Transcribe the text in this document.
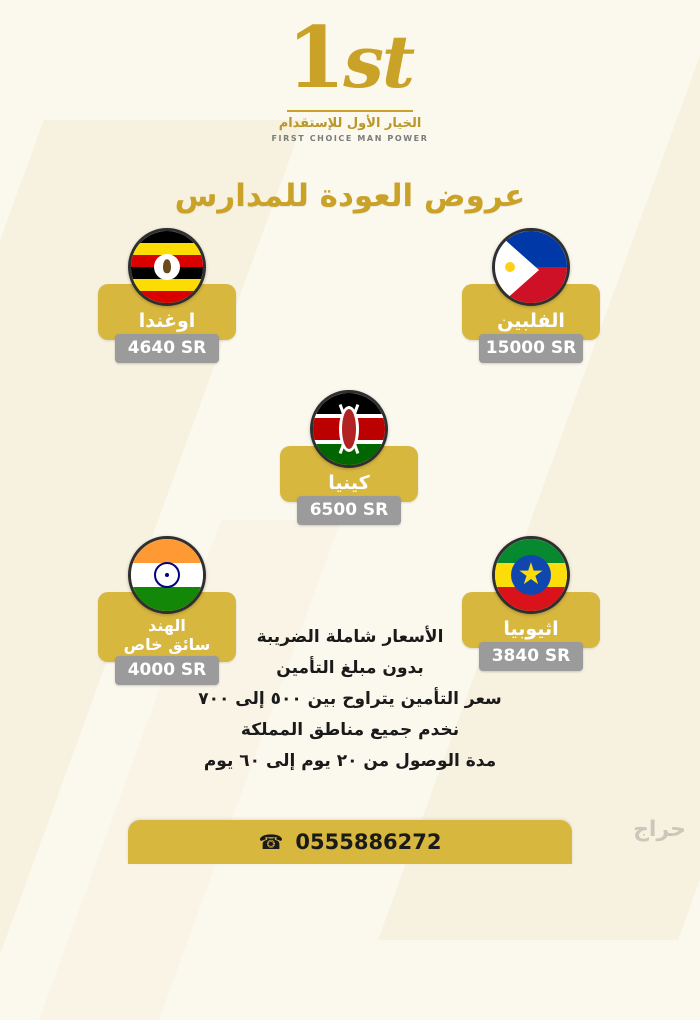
1st
الخيار الأول للإستقدام
FIRST CHOICE MAN POWER
عروض العودة للمدارس
اوغندا
4640 SR
الفلبين
15000 SR
كينيا
6500 SR
الهند
سائق خاص
4000 SR
★
اثيوبيا
3840 SR
الأسعار شاملة الضريبة
بدون مبلغ التأمين
سعر التأمين يتراوح بين ٥٠٠ إلى ٧٠٠
نخدم جميع مناطق المملكة
مدة الوصول من ٢٠ يوم إلى ٦٠ يوم
☎ 0555886272	حراج
